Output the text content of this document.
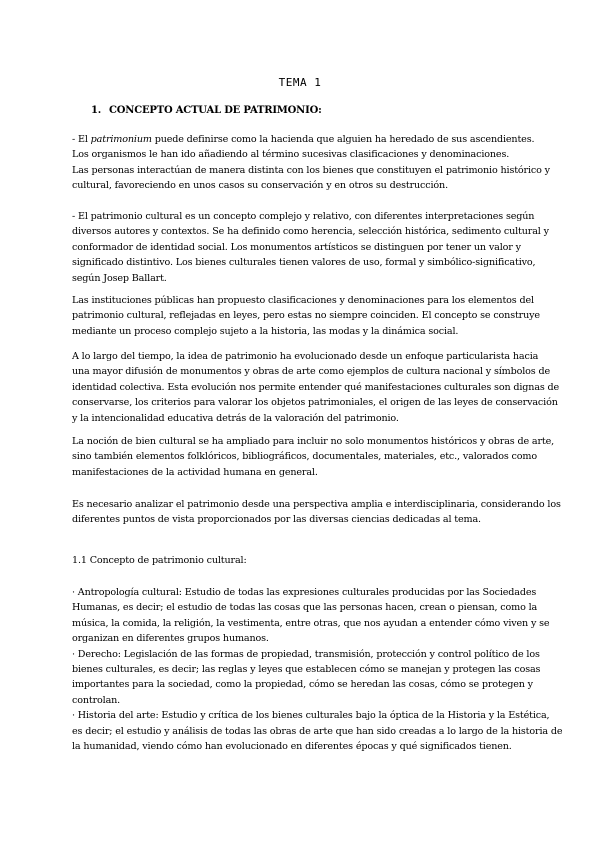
TEMA 1
1. CONCEPTO ACTUAL DE PATRIMONIO:
- El patrimonium puede definirse como la hacienda que alguien ha heredado de sus ascendientes.
Los organismos le han ido añadiendo al término sucesivas clasificaciones y denominaciones.
Las personas interactúan de manera distinta con los bienes que constituyen el patrimonio histórico y
cultural, favoreciendo en unos casos su conservación y en otros su destrucción.
- El patrimonio cultural es un concepto complejo y relativo, con diferentes interpretaciones según
diversos autores y contextos. Se ha definido como herencia, selección histórica, sedimento cultural y
conformador de identidad social. Los monumentos artísticos se distinguen por tener un valor y
significado distintivo. Los bienes culturales tienen valores de uso, formal y simbólico-significativo,
según Josep Ballart.
Las instituciones públicas han propuesto clasificaciones y denominaciones para los elementos del
patrimonio cultural, reflejadas en leyes, pero estas no siempre coinciden. El concepto se construye
mediante un proceso complejo sujeto a la historia, las modas y la dinámica social.
A lo largo del tiempo, la idea de patrimonio ha evolucionado desde un enfoque particularista hacia
una mayor difusión de monumentos y obras de arte como ejemplos de cultura nacional y símbolos de
identidad colectiva. Esta evolución nos permite entender qué manifestaciones culturales son dignas de
conservarse, los criterios para valorar los objetos patrimoniales, el origen de las leyes de conservación
y la intencionalidad educativa detrás de la valoración del patrimonio.
La noción de bien cultural se ha ampliado para incluir no solo monumentos históricos y obras de arte,
sino también elementos folklóricos, bibliográficos, documentales, materiales, etc., valorados como
manifestaciones de la actividad humana en general.
Es necesario analizar el patrimonio desde una perspectiva amplia e interdisciplinaria, considerando los
diferentes puntos de vista proporcionados por las diversas ciencias dedicadas al tema.
1.1 Concepto de patrimonio cultural:
· Antropología cultural: Estudio de todas las expresiones culturales producidas por las Sociedades
Humanas, es decir; el estudio de todas las cosas que las personas hacen, crean o piensan, como la
música, la comida, la religión, la vestimenta, entre otras, que nos ayudan a entender cómo viven y se
organizan en diferentes grupos humanos.
· Derecho: Legislación de las formas de propiedad, transmisión, protección y control político de los
bienes culturales, es decir; las reglas y leyes que establecen cómo se manejan y protegen las cosas
importantes para la sociedad, como la propiedad, cómo se heredan las cosas, cómo se protegen y
controlan.
· Historia del arte: Estudio y crítica de los bienes culturales bajo la óptica de la Historia y la Estética,
es decir; el estudio y análisis de todas las obras de arte que han sido creadas a lo largo de la historia de
la humanidad, viendo cómo han evolucionado en diferentes épocas y qué significados tienen.
